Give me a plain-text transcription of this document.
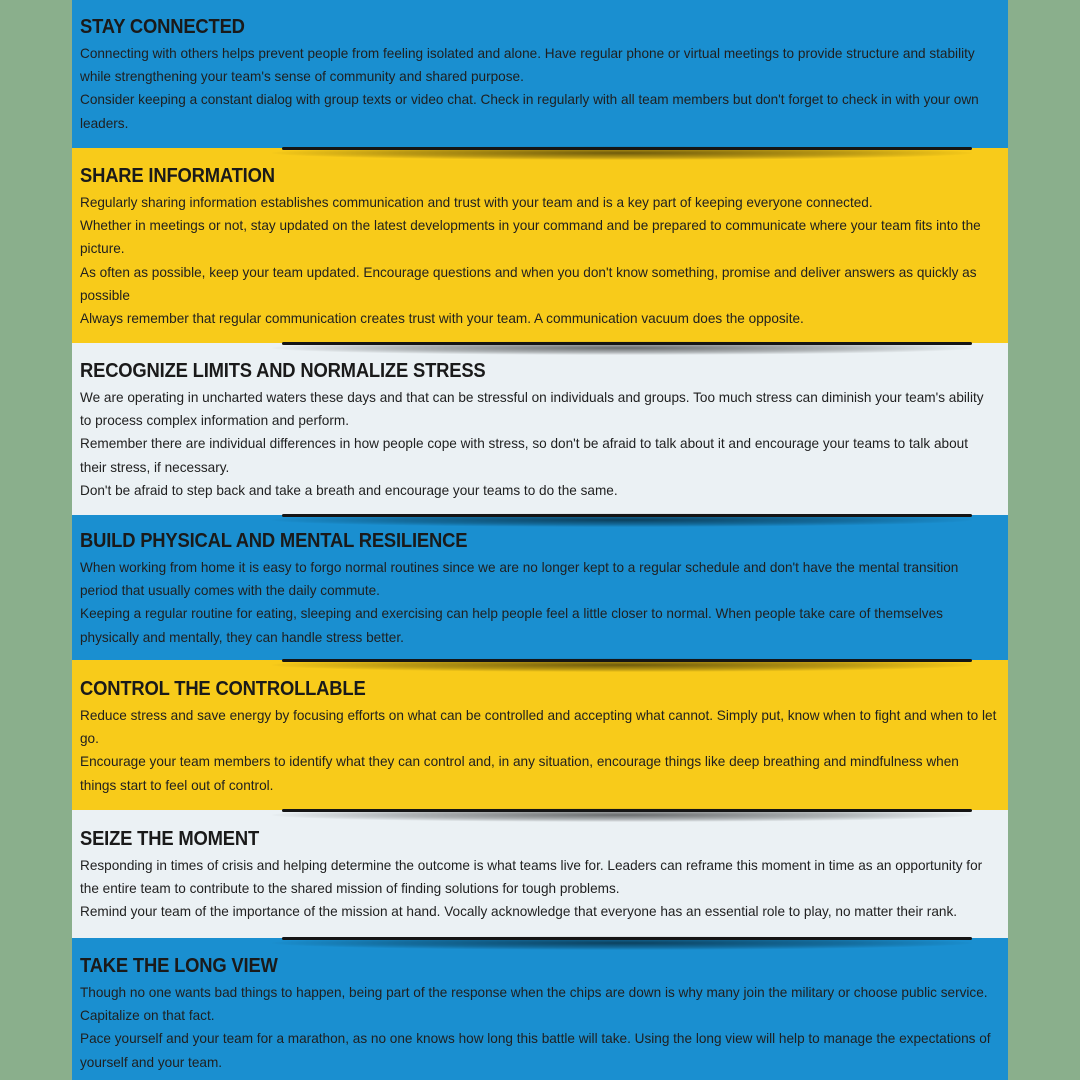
STAY CONNECTED

Connecting with others helps prevent people from feeling isolated and alone. Have regular phone or virtual meetings to provide structure and stability while strengthening your team's sense of community and shared purpose.

Consider keeping a constant dialog with group texts or video chat. Check in regularly with all team members but don't forget to check in with your own leaders.

SHARE INFORMATION

Regularly sharing information establishes communication and trust with your team and is a key part of keeping everyone connected.

Whether in meetings or not, stay updated on the latest developments in your command and be prepared to communicate where your team fits into the picture.

As often as possible, keep your team updated. Encourage questions and when you don't know something, promise and deliver answers as quickly as possible

Always remember that regular communication creates trust with your team. A communication vacuum does the opposite.

RECOGNIZE LIMITS AND NORMALIZE STRESS

We are operating in uncharted waters these days and that can be stressful on individuals and groups. Too much stress can diminish your team's ability to process complex information and perform.

Remember there are individual differences in how people cope with stress, so don't be afraid to talk about it and encourage your teams to talk about their stress, if necessary.

Don't be afraid to step back and take a breath and encourage your teams to do the same.

BUILD PHYSICAL AND MENTAL RESILIENCE

When working from home it is easy to forgo normal routines since we are no longer kept to a regular schedule and don't have the mental transition period that usually comes with the daily commute.

Keeping a regular routine for eating, sleeping and exercising can help people feel a little closer to normal. When people take care of themselves physically and mentally, they can handle stress better.

CONTROL THE CONTROLLABLE

Reduce stress and save energy by focusing efforts on what can be controlled and accepting what cannot. Simply put, know when to fight and when to let go.

Encourage your team members to identify what they can control and, in any situation, encourage things like deep breathing and mindfulness when things start to feel out of control.

SEIZE THE MOMENT

Responding in times of crisis and helping determine the outcome is what teams live for. Leaders can reframe this moment in time as an opportunity for the entire team to contribute to the shared mission of finding solutions for tough problems.

Remind your team of the importance of the mission at hand. Vocally acknowledge that everyone has an essential role to play, no matter their rank.

TAKE THE LONG VIEW

Though no one wants bad things to happen, being part of the response when the chips are down is why many join the military or choose public service. Capitalize on that fact.

Pace yourself and your team for a marathon, as no one knows how long this battle will take. Using the long view will help to manage the expectations of yourself and your team.
